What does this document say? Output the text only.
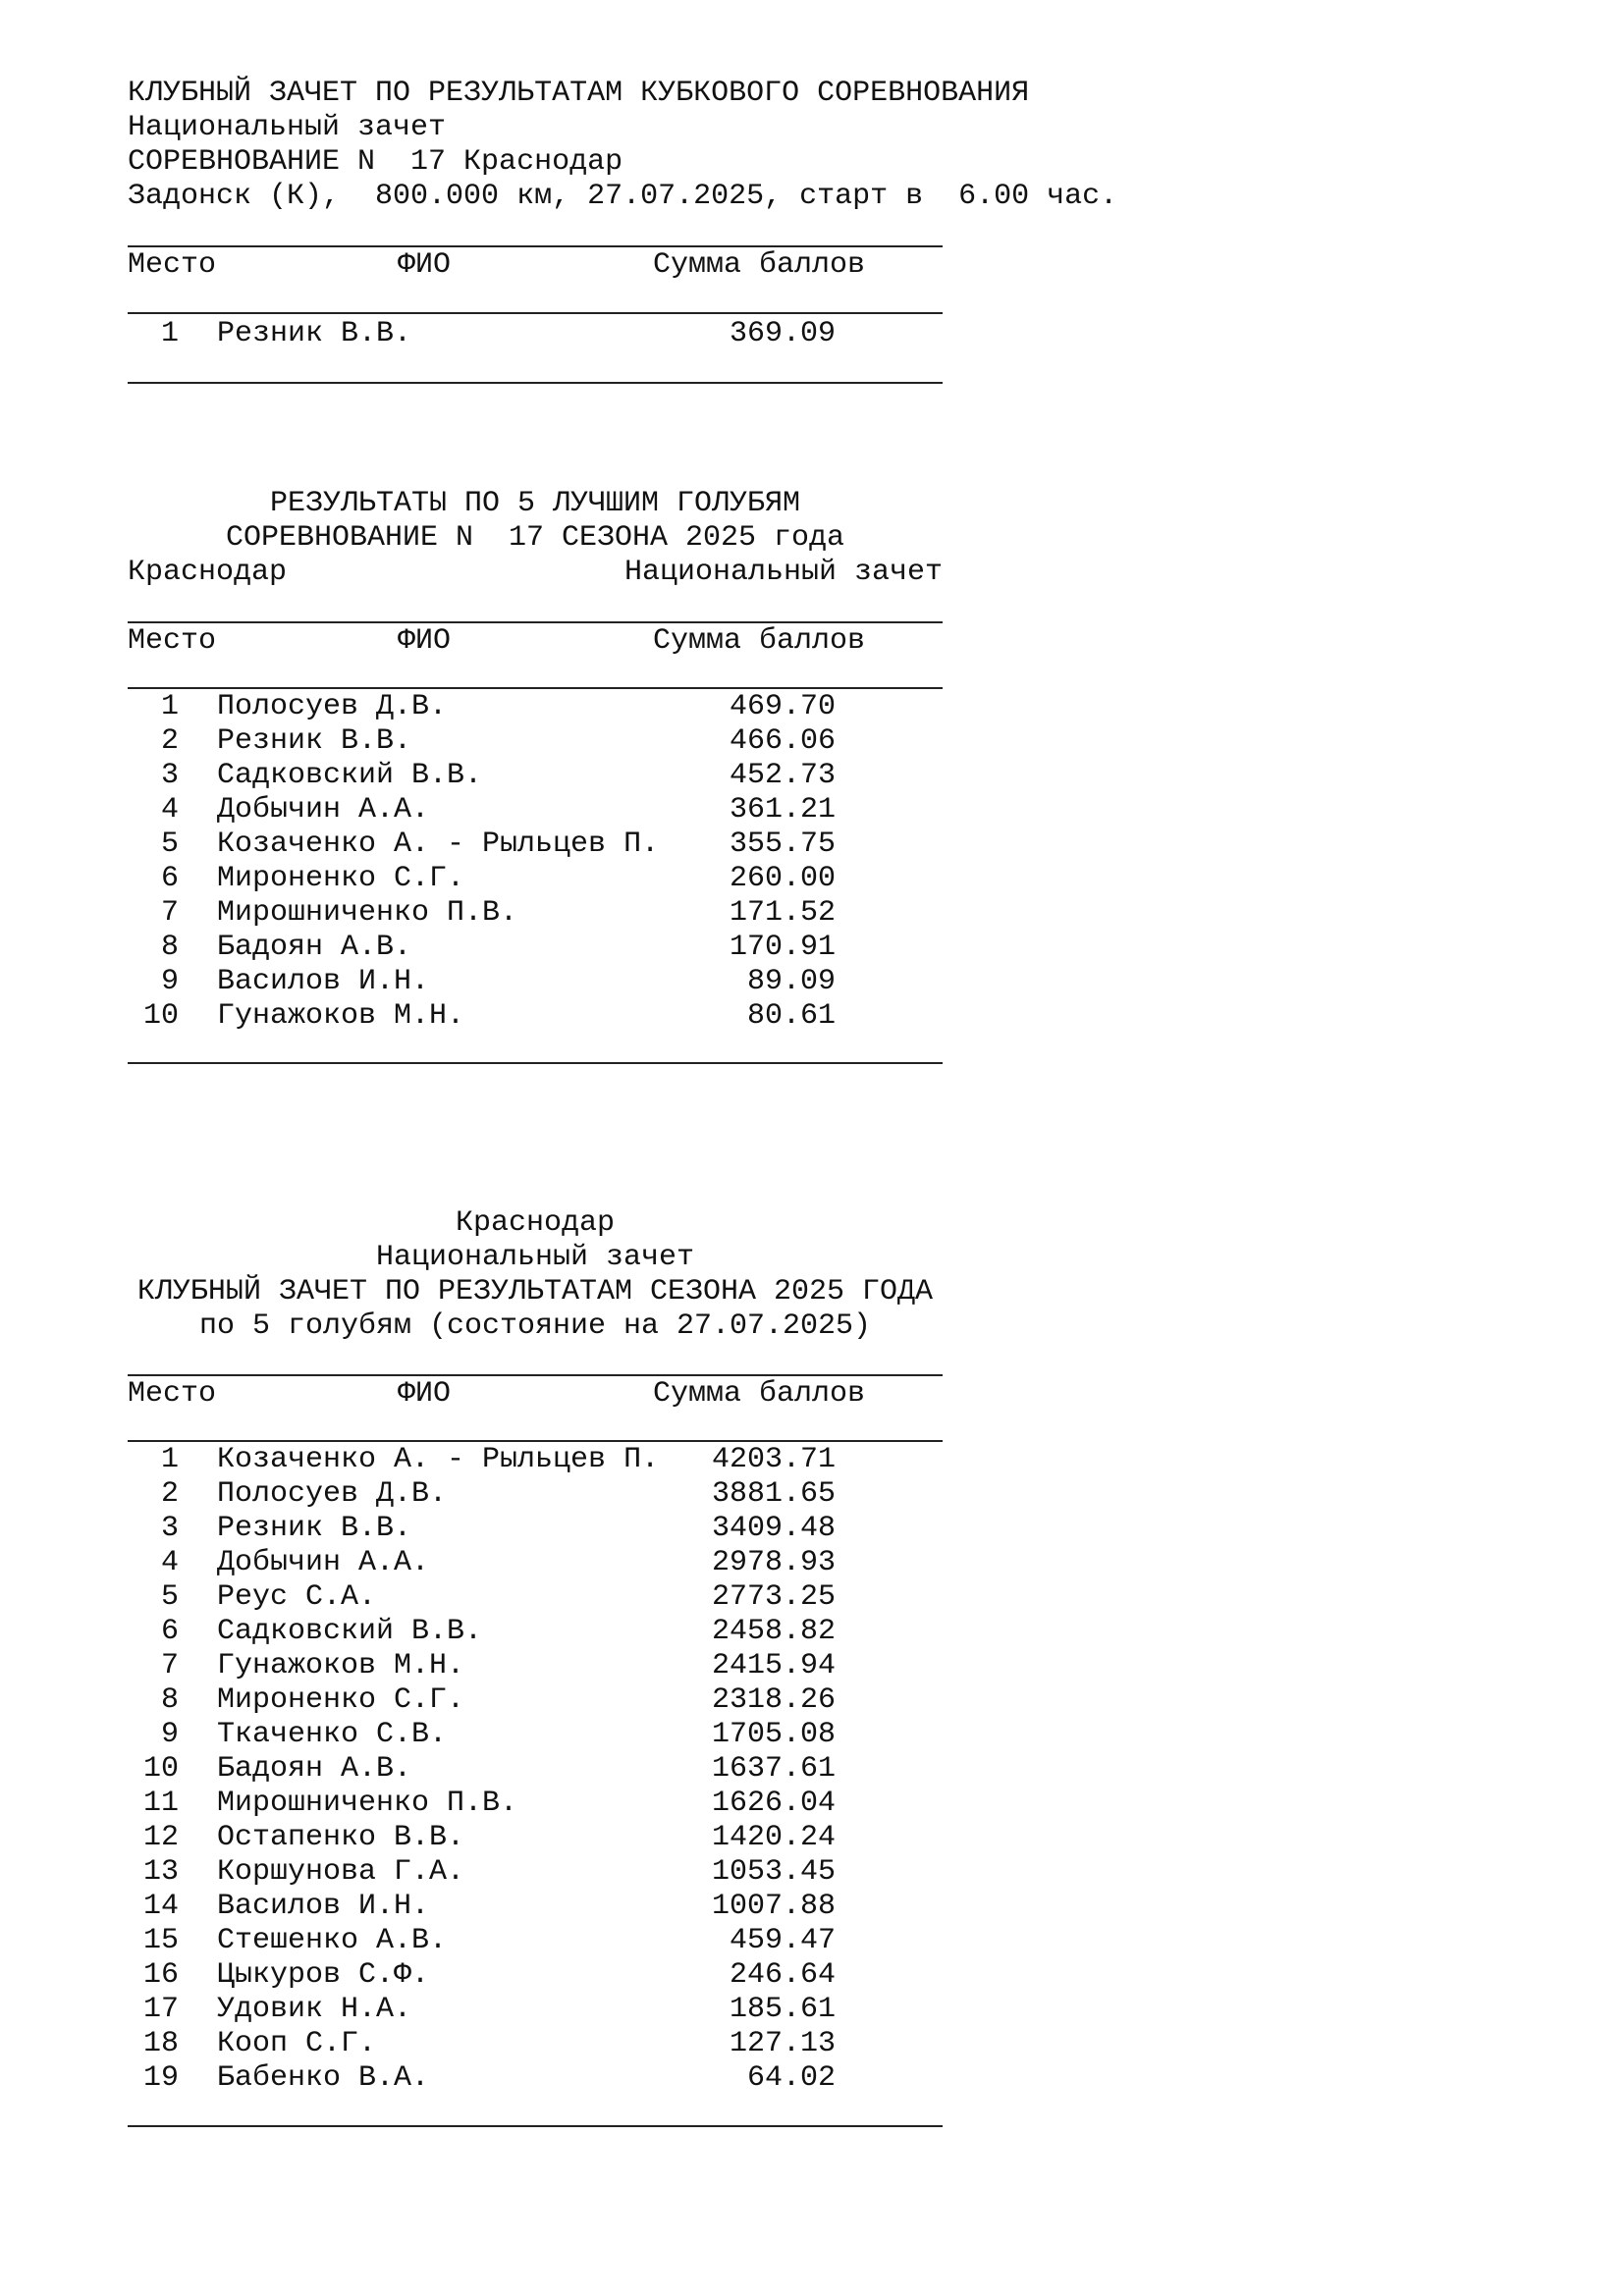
КЛУБНЫЙ ЗАЧЕТ ПО РЕЗУЛЬТАТАМ КУБКОВОГО СОРЕВНОВАНИЯ
Национальный зачет
СОРЕВНОВАНИЕ N  17 Краснодар
Задонск (К),  800.000 км, 27.07.2025, старт в  6.00 час.
Место	ФИО	Сумма баллов
1 Резник В.В.	369.09
РЕЗУЛЬТАТЫ ПО 5 ЛУЧШИМ ГОЛУБЯМ
СОРЕВНОВАНИЕ N  17 СЕЗОНА 2025 года
Краснодар	Национальный зачет
Место	ФИО	Сумма баллов
1 Полосуев Д.В.	469.70
2 Резник В.В.	466.06
3 Садковский В.В.	452.73
4 Добычин А.А.	361.21
5 Козаченко А. - Рыльцев П.	355.75
6 Мироненко С.Г.	260.00
7 Мирошниченко П.В.	171.52
8 Бадоян А.В.	170.91
9 Василов И.Н.	89.09
10 Гунажоков М.Н.	80.61
Краснодар
Национальный зачет
КЛУБНЫЙ ЗАЧЕТ ПО РЕЗУЛЬТАТАМ СЕЗОНА 2025 ГОДА
по 5 голубям (состояние на 27.07.2025)
Место	ФИО	Сумма баллов
1 Козаченко А. - Рыльцев П. 4203.71
2 Полосуев Д.В.	3881.65
3 Резник В.В.	3409.48
4 Добычин А.А.	2978.93
5 Реус С.А.	2773.25
6 Садковский В.В.	2458.82
7 Гунажоков М.Н.	2415.94
8 Мироненко С.Г.	2318.26
9 Ткаченко С.В.	1705.08
10 Бадоян А.В.	1637.61
11 Мирошниченко П.В.	1626.04
12 Остапенко В.В.	1420.24
13 Коршунова Г.А.	1053.45
14 Василов И.Н.	1007.88
15 Стешенко А.В.	459.47
16 Цыкуров С.Ф.	246.64
17 Удовик Н.А.	185.61
18 Кооп С.Г.	127.13
19 Бабенко В.А.	64.02
